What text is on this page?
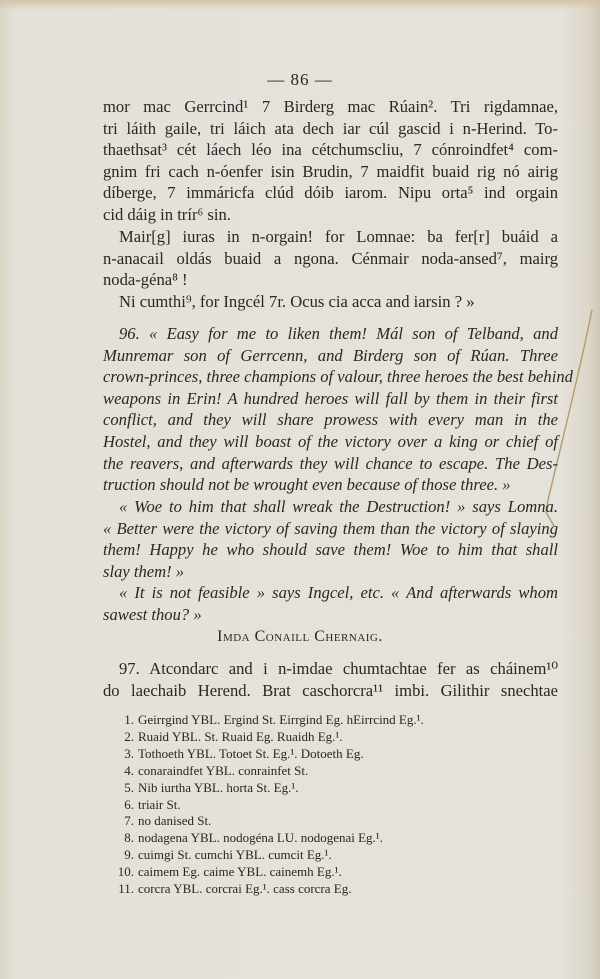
— 86 —
mor mac Gerrcind¹ 7 Birderg mac Rúain². Tri rigdamnae,
tri láith gaile, tri láich ata dech iar cúl gascid i n-Herind. To-
thaethsat³ cét láech léo ina cétchumscliu, 7 cónroindfet⁴ com-
gnim fri cach n-óenfer isin Brudin, 7 maidfit buaid rig nó airig
díberge, 7 immáricfa clúd dóib iarom. Nipu orta⁵ ind orgain
cid dáig in trír⁶ sin.
Mair[g] iuras in n-orgain! for Lomnae: ba fer[r] buáid a
n-anacail oldás buaid a ngona. Cénmair noda-ansed⁷, mairg
noda-géna⁸ !
Ni cumthi⁹, for Ingcél 7r. Ocus cia acca and iarsin ? »
96. « Easy for me to liken them! Mál son of Telband, and
Munremar son of Gerrcenn, and Birderg son of Rúan. Three
crown-princes, three champions of valour, three heroes the best behind
weapons in Erin! A hundred heroes will fall by them in their first
conflict, and they will share prowess with every man in the
Hostel, and they will boast of the victory over a king or chief of
the reavers, and afterwards they will chance to escape. The Des-
truction should not be wrought even because of those three. »
« Woe to him that shall wreak the Destruction! » says Lomna.
« Better were the victory of saving them than the victory of slaying
them! Happy he who should save them! Woe to him that shall
slay them! »
« It is not feasible » says Ingcel, etc. « And afterwards whom
sawest thou? »
Imda Conaill Chernaig.
97. Atcondarc and i n-imdae chumtachtae fer as cháinem¹⁰
do laechaib Herend. Brat caschorcra¹¹ imbi. Gilithir snechtae
1. Geirrgind YBL. Ergind St. Eirrgind Eg. hEirrcind Eg.¹.
2. Ruaid YBL. St. Ruaid Eg. Ruaidh Eg.¹.
3. Tothoeth YBL. Totoet St. Eg.¹. Dotoeth Eg.
4. conaraindfet YBL. conrainfet St.
5. Nib iurtha YBL. horta St. Eg.¹.
6. triair St.
7. no danised St.
8. nodagena YBL. nodogéna LU. nodogenai Eg.¹.
9. cuimgi St. cumchi YBL. cumcit Eg.¹.
10. caimem Eg. caime YBL. cainemh Eg.¹.
11. corcra YBL. corcrai Eg.¹. cass corcra Eg.
